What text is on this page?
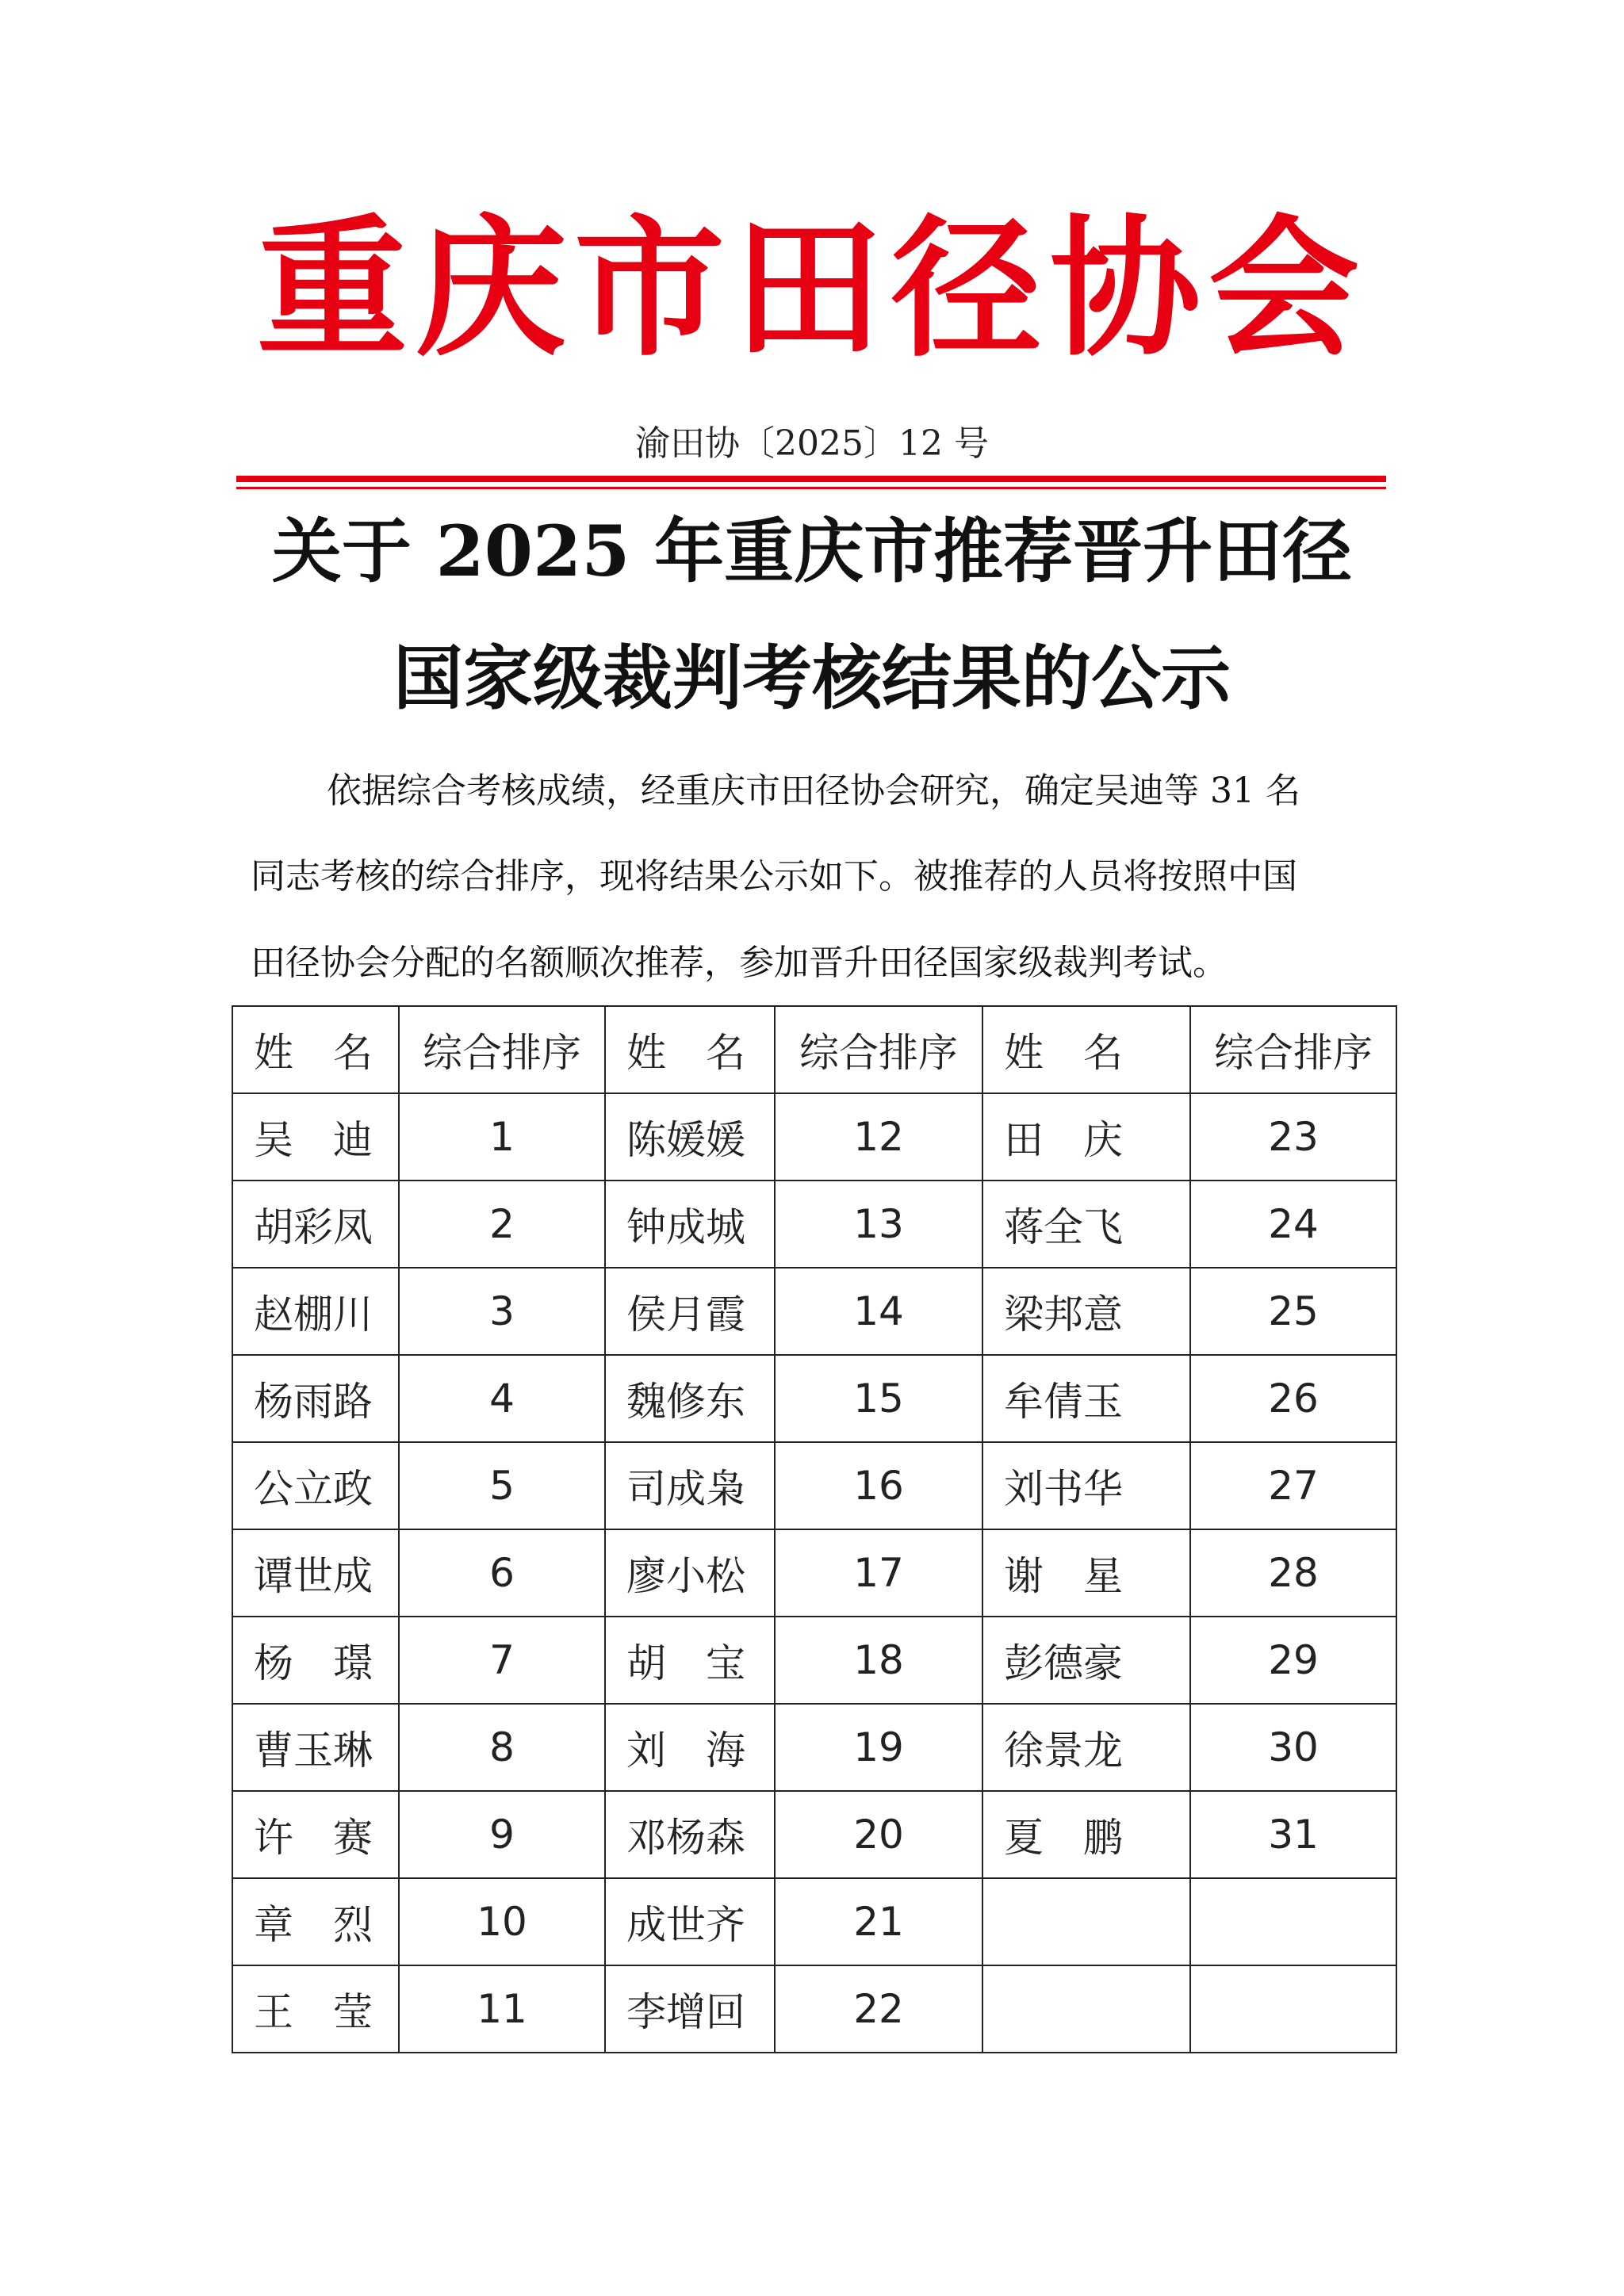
重庆市田径协会
渝田协〔2025〕12 号
关于 2025 年重庆市推荐晋升田径
国家级裁判考核结果的公示
依据综合考核成绩，经重庆市田径协会研究，确定吴迪等 31 名
同志考核的综合排序，现将结果公示如下。被推荐的人员将按照中国
田径协会分配的名额顺次推荐，参加晋升田径国家级裁判考试。
姓　名	综合排序	姓　名	综合排序	姓　名	综合排序
吴　迪	1	陈媛媛	12	田　庆	23
胡彩凤	2	钟成城	13	蒋全飞	24
赵棚川	3	侯月霞	14	梁邦意	25
杨雨路	4	魏修东	15	牟倩玉	26
公立政	5	司成枭	16	刘书华	27
谭世成	6	廖小松	17	谢　星	28
杨　璟	7	胡　宝	18	彭德豪	29
曹玉琳	8	刘　海	19	徐景龙	30
许　赛	9	邓杨森	20	夏　鹏	31
章　烈	10	成世齐	21		
王　莹	11	李增回	22		
